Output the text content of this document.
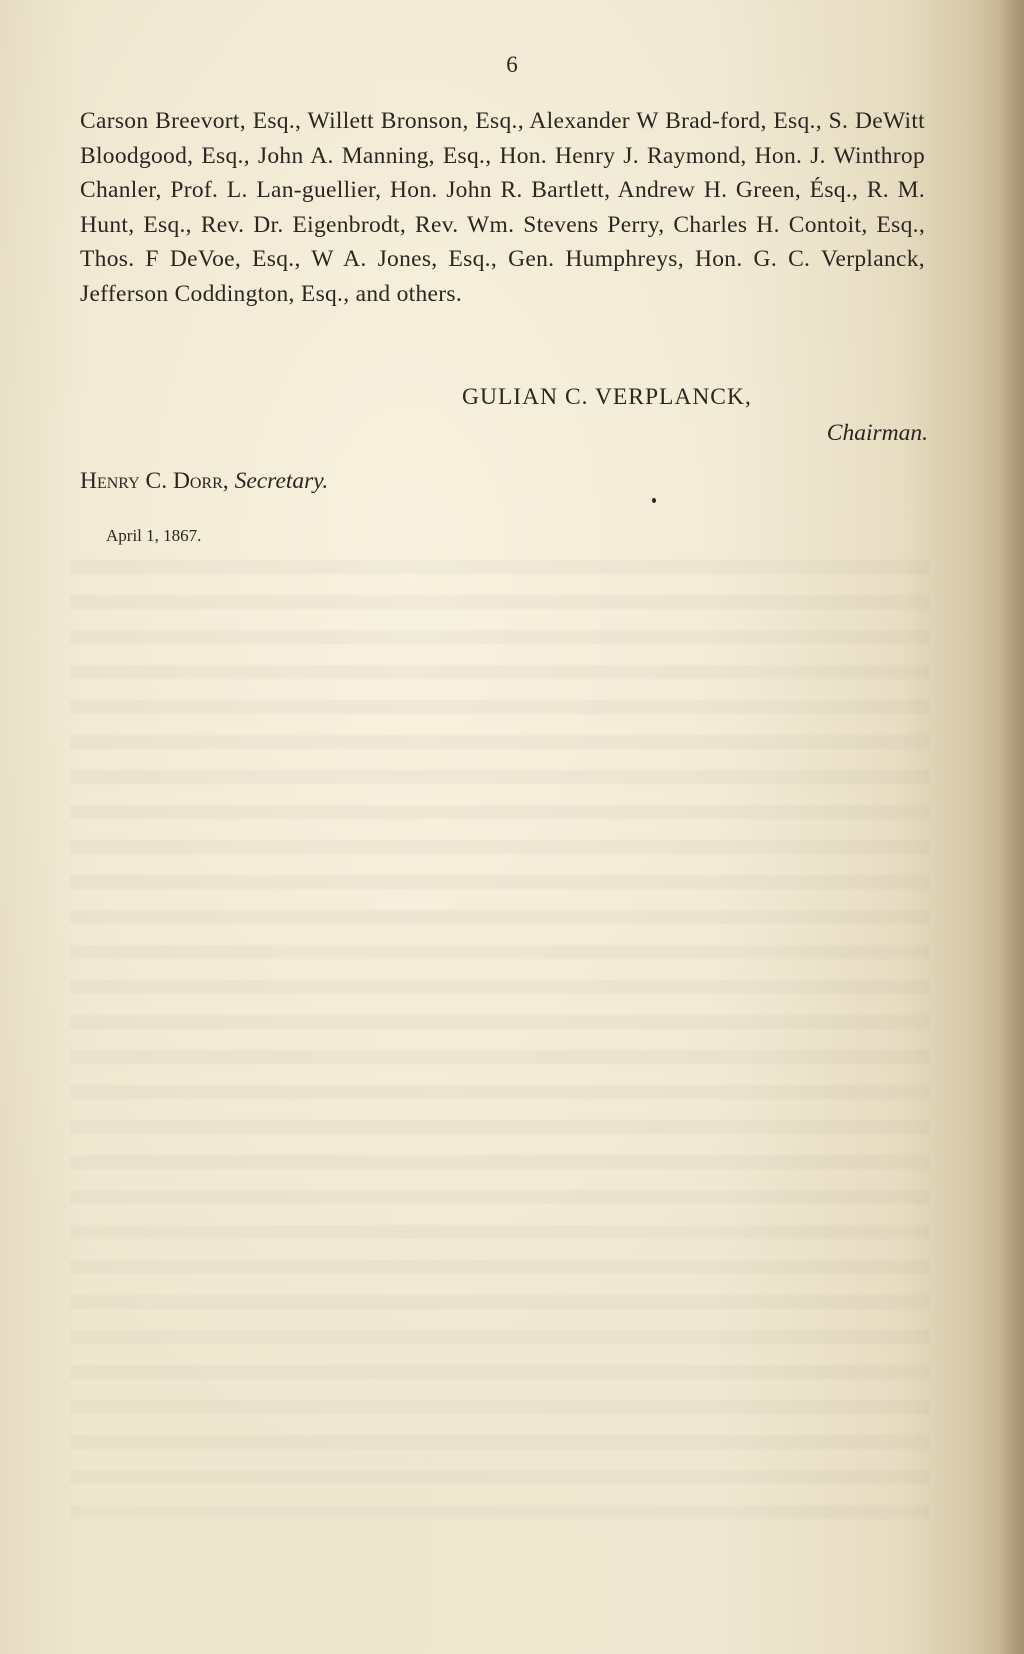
6

Carson Breevort, Esq., Willett Bronson, Esq., Alexander W Brad-ford, Esq., S. DeWitt Bloodgood, Esq., John A. Manning, Esq., Hon. Henry J. Raymond, Hon. J. Winthrop Chanler, Prof. L. Lan-guellier, Hon. John R. Bartlett, Andrew H. Green, Ésq., R. M. Hunt, Esq., Rev. Dr. Eigenbrodt, Rev. Wm. Stevens Perry, Charles H. Contoit, Esq., Thos. F DeVoe, Esq., W A. Jones, Esq., Gen. Humphreys, Hon. G. C. Verplanck, Jefferson Coddington, Esq., and others.

GULIAN C. VERPLANCK,
Chairman.
Henry C. Dorr, Secretary.
April 1, 1867.
